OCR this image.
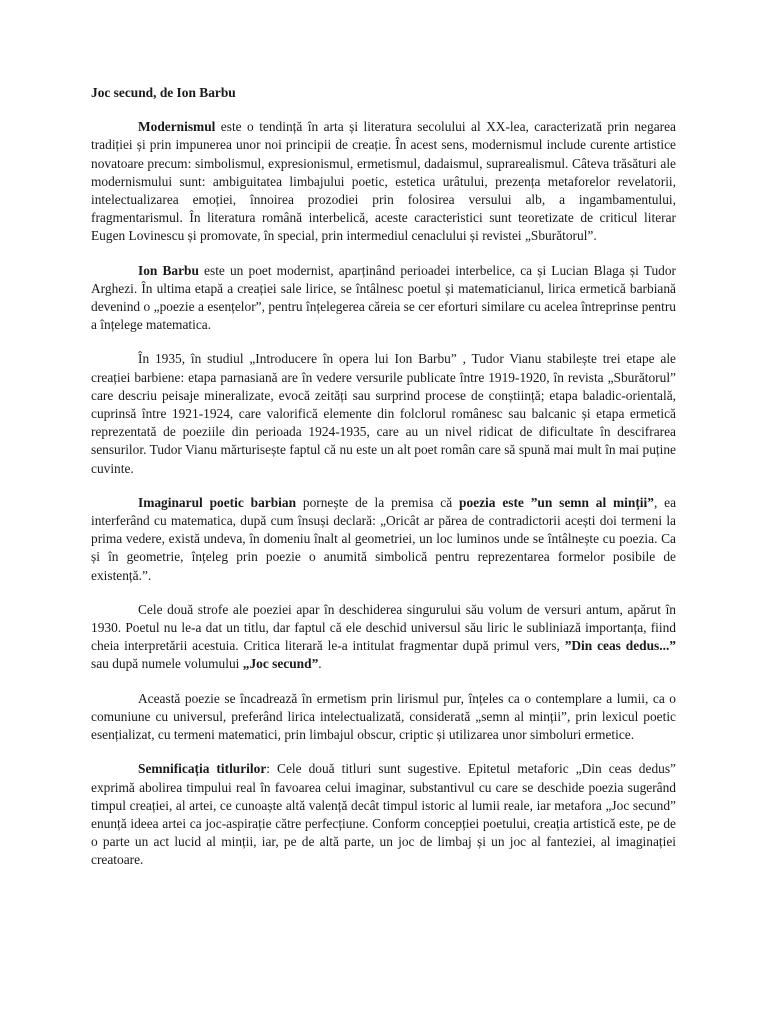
Joc secund, de Ion Barbu

Modernismul este o tendință în arta și literatura secolului al XX-lea, caracterizată prin negarea tradiției și prin impunerea unor noi principii de creație. În acest sens, modernismul include curente artistice novatoare precum: simbolismul, expresionismul, ermetismul, dadaismul, suprarealismul. Câteva trăsături ale modernismului sunt: ambiguitatea limbajului poetic, estetica urâtului, prezența metaforelor revelatorii, intelectualizarea emoției, înnoirea prozodiei prin folosirea versului alb, a ingambamentului, fragmentarismul. În literatura română interbelică, aceste caracteristici sunt teoretizate de criticul literar Eugen Lovinescu și promovate, în special, prin intermediul cenaclului și revistei „Sburătorul”.

Ion Barbu este un poet modernist, aparținând perioadei interbelice, ca și Lucian Blaga și Tudor Arghezi. În ultima etapă a creației sale lirice, se întâlnesc poetul și matematicianul, lirica ermetică barbiană devenind o „poezie a esențelor”, pentru înțelegerea căreia se cer eforturi similare cu acelea întreprinse pentru a înțelege matematica.

În 1935, în studiul „Introducere în opera lui Ion Barbu” , Tudor Vianu stabilește trei etape ale creației barbiene: etapa parnasiană are în vedere versurile publicate între 1919-1920, în revista „Sburătorul” care descriu peisaje mineralizate, evocă zeități sau surprind procese de conștiință; etapa baladic-orientală, cuprinsă între 1921-1924, care valorifică elemente din folclorul românesc sau balcanic și etapa ermetică reprezentată de poeziile din perioada 1924-1935, care au un nivel ridicat de dificultate în descifrarea sensurilor. Tudor Vianu mărturisește faptul că nu este un alt poet român care să spună mai mult în mai puține cuvinte.

Imaginarul poetic barbian pornește de la premisa că poezia este ”un semn al minții”, ea interferând cu matematica, după cum însuși declară: „Oricât ar părea de contradictorii acești doi termeni la prima vedere, există undeva, în domeniu înalt al geometriei, un loc luminos unde se întâlnește cu poezia. Ca și în geometrie, înțeleg prin poezie o anumită simbolică pentru reprezentarea formelor posibile de existență.”.

Cele două strofe ale poeziei apar în deschiderea singurului său volum de versuri antum, apărut în 1930. Poetul nu le-a dat un titlu, dar faptul că ele deschid universul său liric le subliniază importanța, fiind cheia interpretării acestuia. Critica literară le-a intitulat fragmentar după primul vers, ”Din ceas dedus...” sau după numele volumului „Joc secund”.

Această poezie se încadrează în ermetism prin lirismul pur, înțeles ca o contemplare a lumii, ca o comuniune cu universul, preferând lirica intelectualizată, considerată „semn al minții”, prin lexicul poetic esențializat, cu termeni matematici, prin limbajul obscur, criptic și utilizarea unor simboluri ermetice.

Semnificația titlurilor: Cele două titluri sunt sugestive. Epitetul metaforic „Din ceas dedus” exprimă abolirea timpului real în favoarea celui imaginar, substantivul cu care se deschide poezia sugerând timpul creației, al artei, ce cunoaște altă valență decât timpul istoric al lumii reale, iar metafora „Joc secund” enunță ideea artei ca joc-aspirație către perfecțiune. Conform concepției poetului, creația artistică este, pe de o parte un act lucid al minții, iar, pe de altă parte, un joc de limbaj și un joc al fanteziei, al imaginației creatoare.
